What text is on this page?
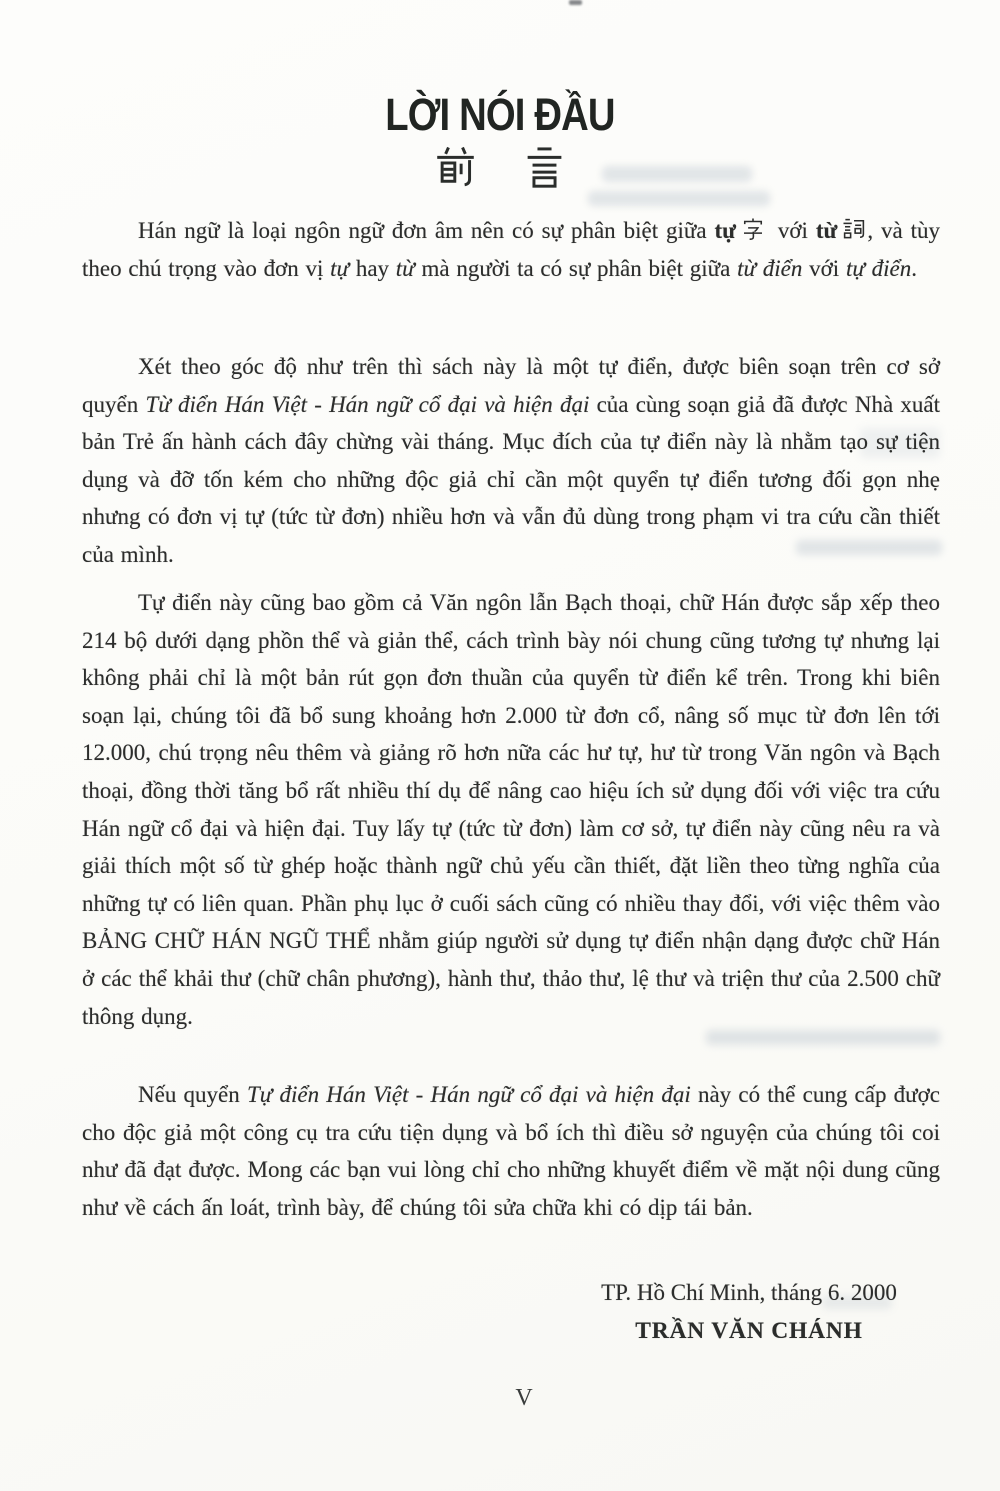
LỜI NÓI ĐẦU

Hán ngữ là loại ngôn ngữ đơn âm nên có sự phân biệt giữa tự với từ , và tùy theo chú trọng vào đơn vị tự hay từ mà người ta có sự phân biệt giữa từ điển với tự điển.

Xét theo góc độ như trên thì sách này là một tự điển, được biên soạn trên cơ sở quyển Từ điển Hán Việt - Hán ngữ cổ đại và hiện đại của cùng soạn giả đã được Nhà xuất bản Trẻ ấn hành cách đây chừng vài tháng. Mục đích của tự điển này là nhằm tạo sự tiện dụng và đỡ tốn kém cho những độc giả chỉ cần một quyển tự điển tương đối gọn nhẹ nhưng có đơn vị tự (tức từ đơn) nhiều hơn và vẫn đủ dùng trong phạm vi tra cứu cần thiết của mình.

Tự điển này cũng bao gồm cả Văn ngôn lẫn Bạch thoại, chữ Hán được sắp xếp theo 214 bộ dưới dạng phồn thể và giản thể, cách trình bày nói chung cũng tương tự nhưng lại không phải chỉ là một bản rút gọn đơn thuần của quyển từ điển kể trên. Trong khi biên soạn lại, chúng tôi đã bổ sung khoảng hơn 2.000 từ đơn cổ, nâng số mục từ đơn lên tới 12.000, chú trọng nêu thêm và giảng rõ hơn nữa các hư tự, hư từ trong Văn ngôn và Bạch thoại, đồng thời tăng bổ rất nhiều thí dụ để nâng cao hiệu ích sử dụng đối với việc tra cứu Hán ngữ cổ đại và hiện đại. Tuy lấy tự (tức từ đơn) làm cơ sở, tự điển này cũng nêu ra và giải thích một số từ ghép hoặc thành ngữ chủ yếu cần thiết, đặt liền theo từng nghĩa của những tự có liên quan. Phần phụ lục ở cuối sách cũng có nhiều thay đổi, với việc thêm vào BẢNG CHỮ HÁN NGŨ THỂ nhằm giúp người sử dụng tự điển nhận dạng được chữ Hán ở các thể khải thư (chữ chân phương), hành thư, thảo thư, lệ thư và triện thư của 2.500 chữ thông dụng.

Nếu quyển Tự điển Hán Việt - Hán ngữ cổ đại và hiện đại này có thể cung cấp được cho độc giả một công cụ tra cứu tiện dụng và bổ ích thì điều sở nguyện của chúng tôi coi như đã đạt được. Mong các bạn vui lòng chỉ cho những khuyết điểm về mặt nội dung cũng như về cách ấn loát, trình bày, để chúng tôi sửa chữa khi có dịp tái bản.

TP. Hồ Chí Minh, tháng 6. 2000
TRẦN VĂN CHÁNH
V
